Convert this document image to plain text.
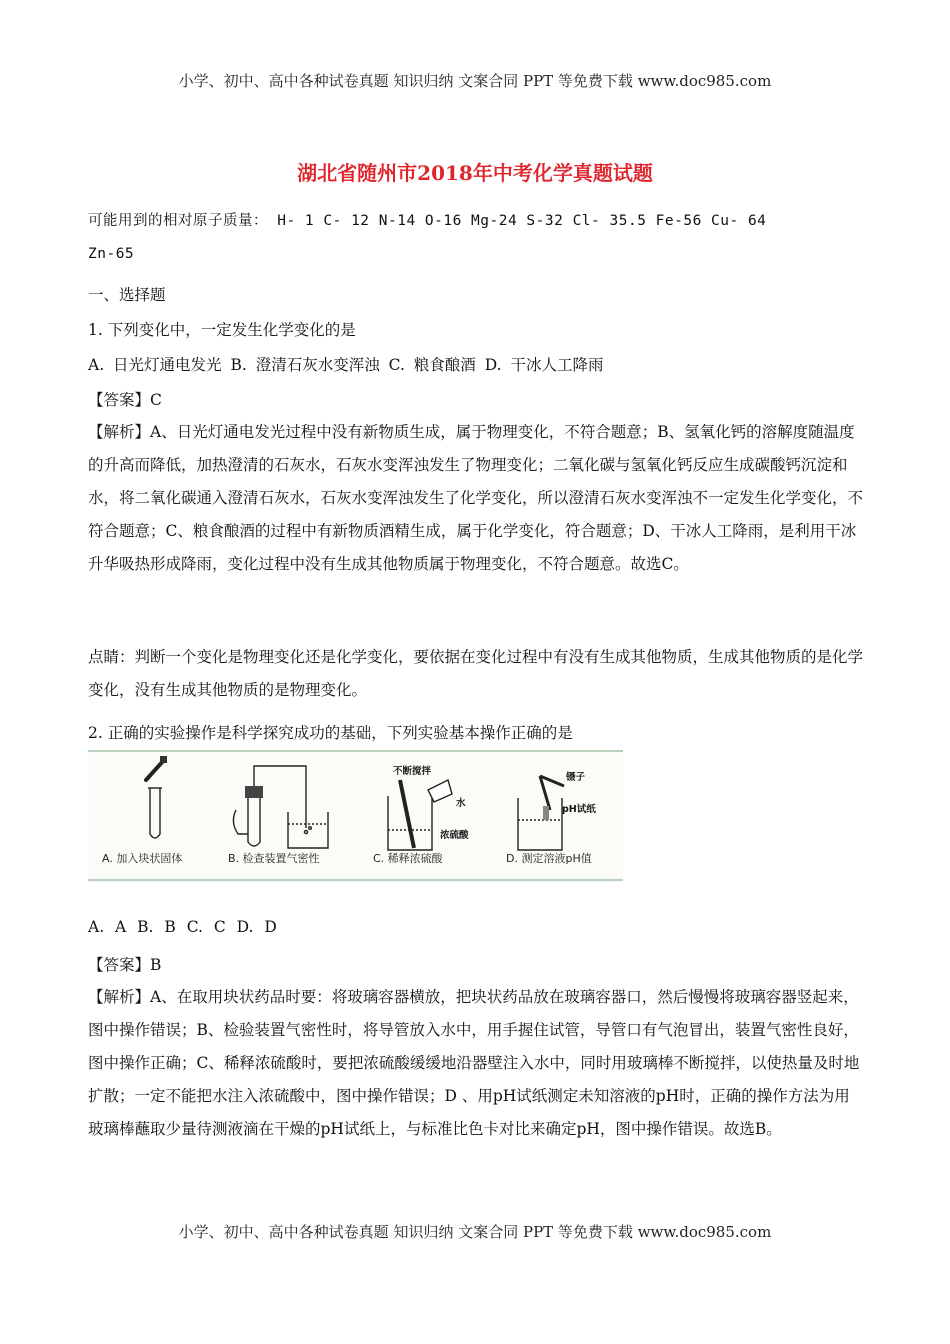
小学、初中、高中各种试卷真题 知识归纳 文案合同 PPT 等免费下载 www.doc985.com
湖北省随州市2018年中考化学真题试题
可能用到的相对原子质量： H- 1 C- 12 N-14 O-16 Mg-24 S-32 Cl- 35.5 Fe-56 Cu- 64
Zn-65
一、选择题
1. 下列变化中，一定发生化学变化的是
A. 日光灯通电发光 B. 澄清石灰水变浑浊 C. 粮食酿酒 D. 干冰人工降雨
【答案】C
【解析】A、日光灯通电发光过程中没有新物质生成，属于物理变化，不符合题意；B、氢氧化钙的溶解度随温度的升高而降低，加热澄清的石灰水，石灰水变浑浊发生了物理变化；二氧化碳与氢氧化钙反应生成碳酸钙沉淀和水，将二氧化碳通入澄清石灰水，石灰水变浑浊发生了化学变化，所以澄清石灰水变浑浊不一定发生化学变化，不符合题意；C、粮食酿酒的过程中有新物质酒精生成，属于化学变化，符合题意；D、干冰人工降雨，是利用干冰升华吸热形成降雨，变化过程中没有生成其他物质属于物理变化，不符合题意。故选C。
点睛：判断一个变化是物理变化还是化学变化，要依据在变化过程中有没有生成其他物质，生成其他物质的是化学变化，没有生成其他物质的是物理变化。
2. 正确的实验操作是科学探究成功的基础，下列实验基本操作正确的是
不断搅拌
水
浓硫酸
镊子
pH试纸
A. 加入块状固体	B. 检查装置气密性	C. 稀释浓硫酸	D. 测定溶液pH值
A. A B. B C. C D. D
【答案】B
【解析】A、在取用块状药品时要：将玻璃容器横放，把块状药品放在玻璃容器口，然后慢慢将玻璃容器竖起来，图中操作错误；B、检验装置气密性时，将导管放入水中，用手握住试管，导管口有气泡冒出，装置气密性良好，图中操作正确；C、稀释浓硫酸时，要把浓硫酸缓缓地沿器壁注入水中，同时用玻璃棒不断搅拌，以使热量及时地扩散；一定不能把水注入浓硫酸中，图中操作错误；D 、用pH试纸测定未知溶液的pH时，正确的操作方法为用玻璃棒蘸取少量待测液滴在干燥的pH试纸上，与标准比色卡对比来确定pH，图中操作错误。故选B。
小学、初中、高中各种试卷真题 知识归纳 文案合同 PPT 等免费下载 www.doc985.com
